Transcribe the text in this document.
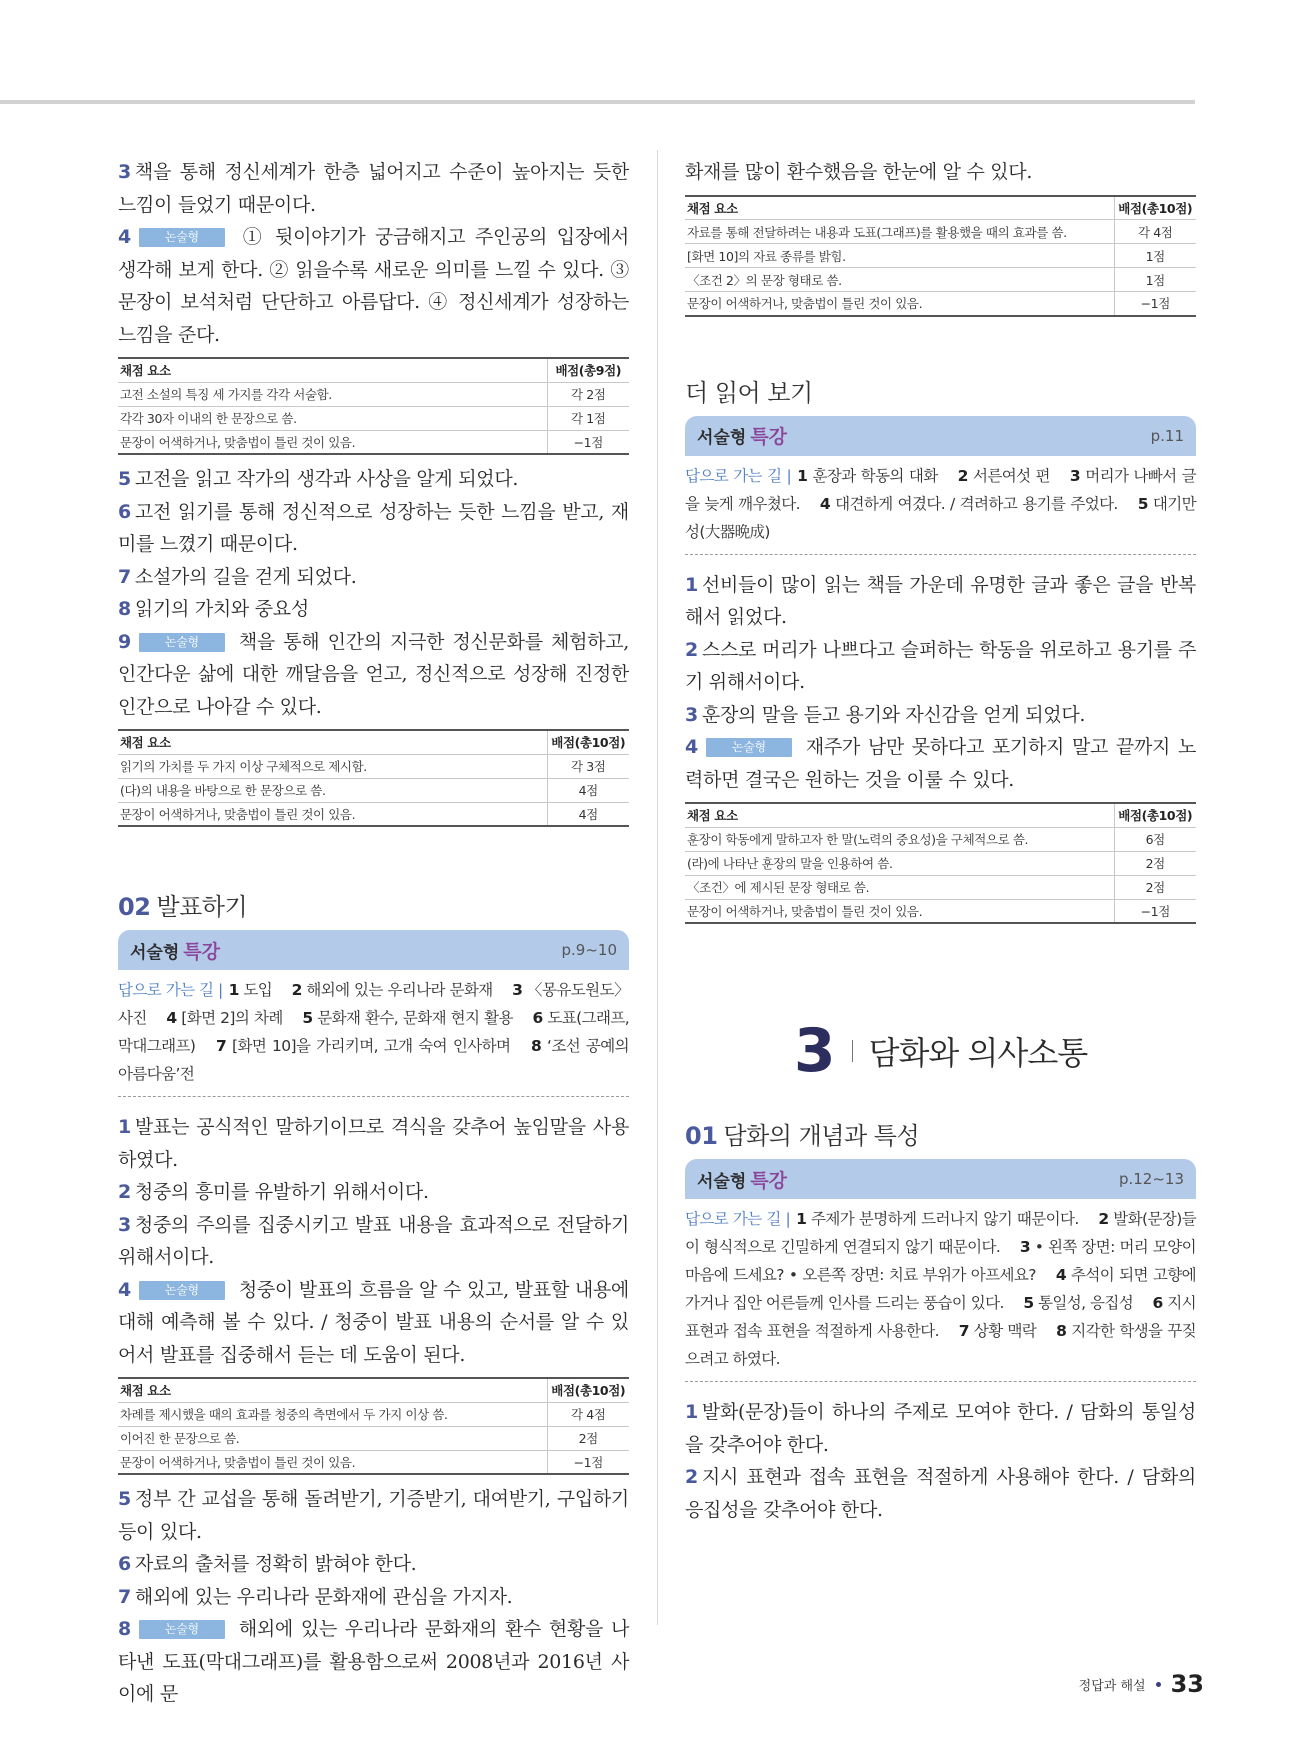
3 책을 통해 정신세계가 한층 넓어지고 수준이 높아지는 듯한 느낌이 들었기 때문이다.
4	논술형 ① 뒷이야기가 궁금해지고 주인공의 입장에서 생각해 보게 한다. ② 읽을수록 새로운 의미를 느낄 수 있다. ③ 문장이 보석처럼 단단하고 아름답다. ④ 정신세계가 성장하는 느낌을 준다.
채점 요소	배점(총9점)
고전 소설의 특징 세 가지를 각각 서술함.	각 2점
각각 30자 이내의 한 문장으로 씀.	각 1점
문장이 어색하거나, 맞춤법이 틀린 것이 있음.	−1점
5 고전을 읽고 작가의 생각과 사상을 알게 되었다.
6 고전 읽기를 통해 정신적으로 성장하는 듯한 느낌을 받고, 재미를 느꼈기 때문이다.
7 소설가의 길을 걷게 되었다.
8 읽기의 가치와 중요성
9	논술형 책을 통해 인간의 지극한 정신문화를 체험하고, 인간다운 삶에 대한 깨달음을 얻고, 정신적으로 성장해 진정한 인간으로 나아갈 수 있다.
채점 요소	배점(총10점)
읽기의 가치를 두 가지 이상 구체적으로 제시함.	각 3점
(다)의 내용을 바탕으로 한 문장으로 씀.	4점
문장이 어색하거나, 맞춤법이 틀린 것이 있음.	4점
02 발표하기
서술형 특강	p.9~10
답으로 가는 길 | 1 도입  2 해외에 있는 우리나라 문화재  3 〈몽유도원도〉 사진  4 [화면 2]의 차례  5 문화재 환수, 문화재 현지 활용  6 도표(그래프, 막대그래프)  7 [화면 10]을 가리키며, 고개 숙여 인사하며  8 ‘조선 공예의 아름다움’전 
1 발표는 공식적인 말하기이므로 격식을 갖추어 높임말을 사용하였다.
2 청중의 흥미를 유발하기 위해서이다.
3 청중의 주의를 집중시키고 발표 내용을 효과적으로 전달하기 위해서이다.
4	논술형 청중이 발표의 흐름을 알 수 있고, 발표할 내용에 대해 예측해 볼 수 있다. / 청중이 발표 내용의 순서를 알 수 있어서 발표를 집중해서 듣는 데 도움이 된다.
채점 요소	배점(총10점)
차례를 제시했을 때의 효과를 청중의 측면에서 두 가지 이상 씀.	각 4점
이어진 한 문장으로 씀.	2점
문장이 어색하거나, 맞춤법이 틀린 것이 있음.	−1점
5 정부 간 교섭을 통해 돌려받기, 기증받기, 대여받기, 구입하기 등이 있다.
6 자료의 출처를 정확히 밝혀야 한다.
7 해외에 있는 우리나라 문화재에 관심을 가지자.
8	논술형 해외에 있는 우리나라 문화재의 환수 현황을 나타낸 도표(막대그래프)를 활용함으로써 2008년과 2016년 사이에 문
화재를 많이 환수했음을 한눈에 알 수 있다.
채점 요소	배점(총10점)
자료를 통해 전달하려는 내용과 도표(그래프)를 활용했을 때의 효과를 씀.	각 4점
[화면 10]의 자료 종류를 밝힘.	1점
〈조건 2〉의 문장 형태로 씀.	1점
문장이 어색하거나, 맞춤법이 틀린 것이 있음.	−1점
더 읽어 보기
서술형 특강	p.11
답으로 가는 길 | 1 훈장과 학동의 대화  2 서른여섯 편  3 머리가 나빠서 글을 늦게 깨우쳤다.  4 대견하게 여겼다. / 격려하고 용기를 주었다.  5 대기만성(大器晩成) 
1 선비들이 많이 읽는 책들 가운데 유명한 글과 좋은 글을 반복해서 읽었다.
2 스스로 머리가 나쁘다고 슬퍼하는 학동을 위로하고 용기를 주기 위해서이다.
3 훈장의 말을 듣고 용기와 자신감을 얻게 되었다.
4	논술형 재주가 남만 못하다고 포기하지 말고 끝까지 노력하면 결국은 원하는 것을 이룰 수 있다.
채점 요소	배점(총10점)
훈장이 학동에게 말하고자 한 말(노력의 중요성)을 구체적으로 씀.	6점
(라)에 나타난 훈장의 말을 인용하여 씀.	2점
〈조건〉에 제시된 문장 형태로 씀.	2점
문장이 어색하거나, 맞춤법이 틀린 것이 있음.	−1점
3 담화와 의사소통
01 담화의 개념과 특성
서술형 특강	p.12~13
답으로 가는 길 | 1 주제가 분명하게 드러나지 않기 때문이다.  2 발화(문장)들이 형식적으로 긴밀하게 연결되지 않기 때문이다.  3 • 왼쪽 장면: 머리 모양이 마음에 드세요? • 오른쪽 장면: 치료 부위가 아프세요?  4 추석이 되면 고향에 가거나 집안 어른들께 인사를 드리는 풍습이 있다.  5 통일성, 응집성  6 지시 표현과 접속 표현을 적절하게 사용한다.  7 상황 맥락  8 지각한 학생을 꾸짖으려고 하였다. 
1 발화(문장)들이 하나의 주제로 모여야 한다. / 담화의 통일성을 갖추어야 한다.
2 지시 표현과 접속 표현을 적절하게 사용해야 한다. / 담화의 응집성을 갖추어야 한다.
정답과 해설 33
